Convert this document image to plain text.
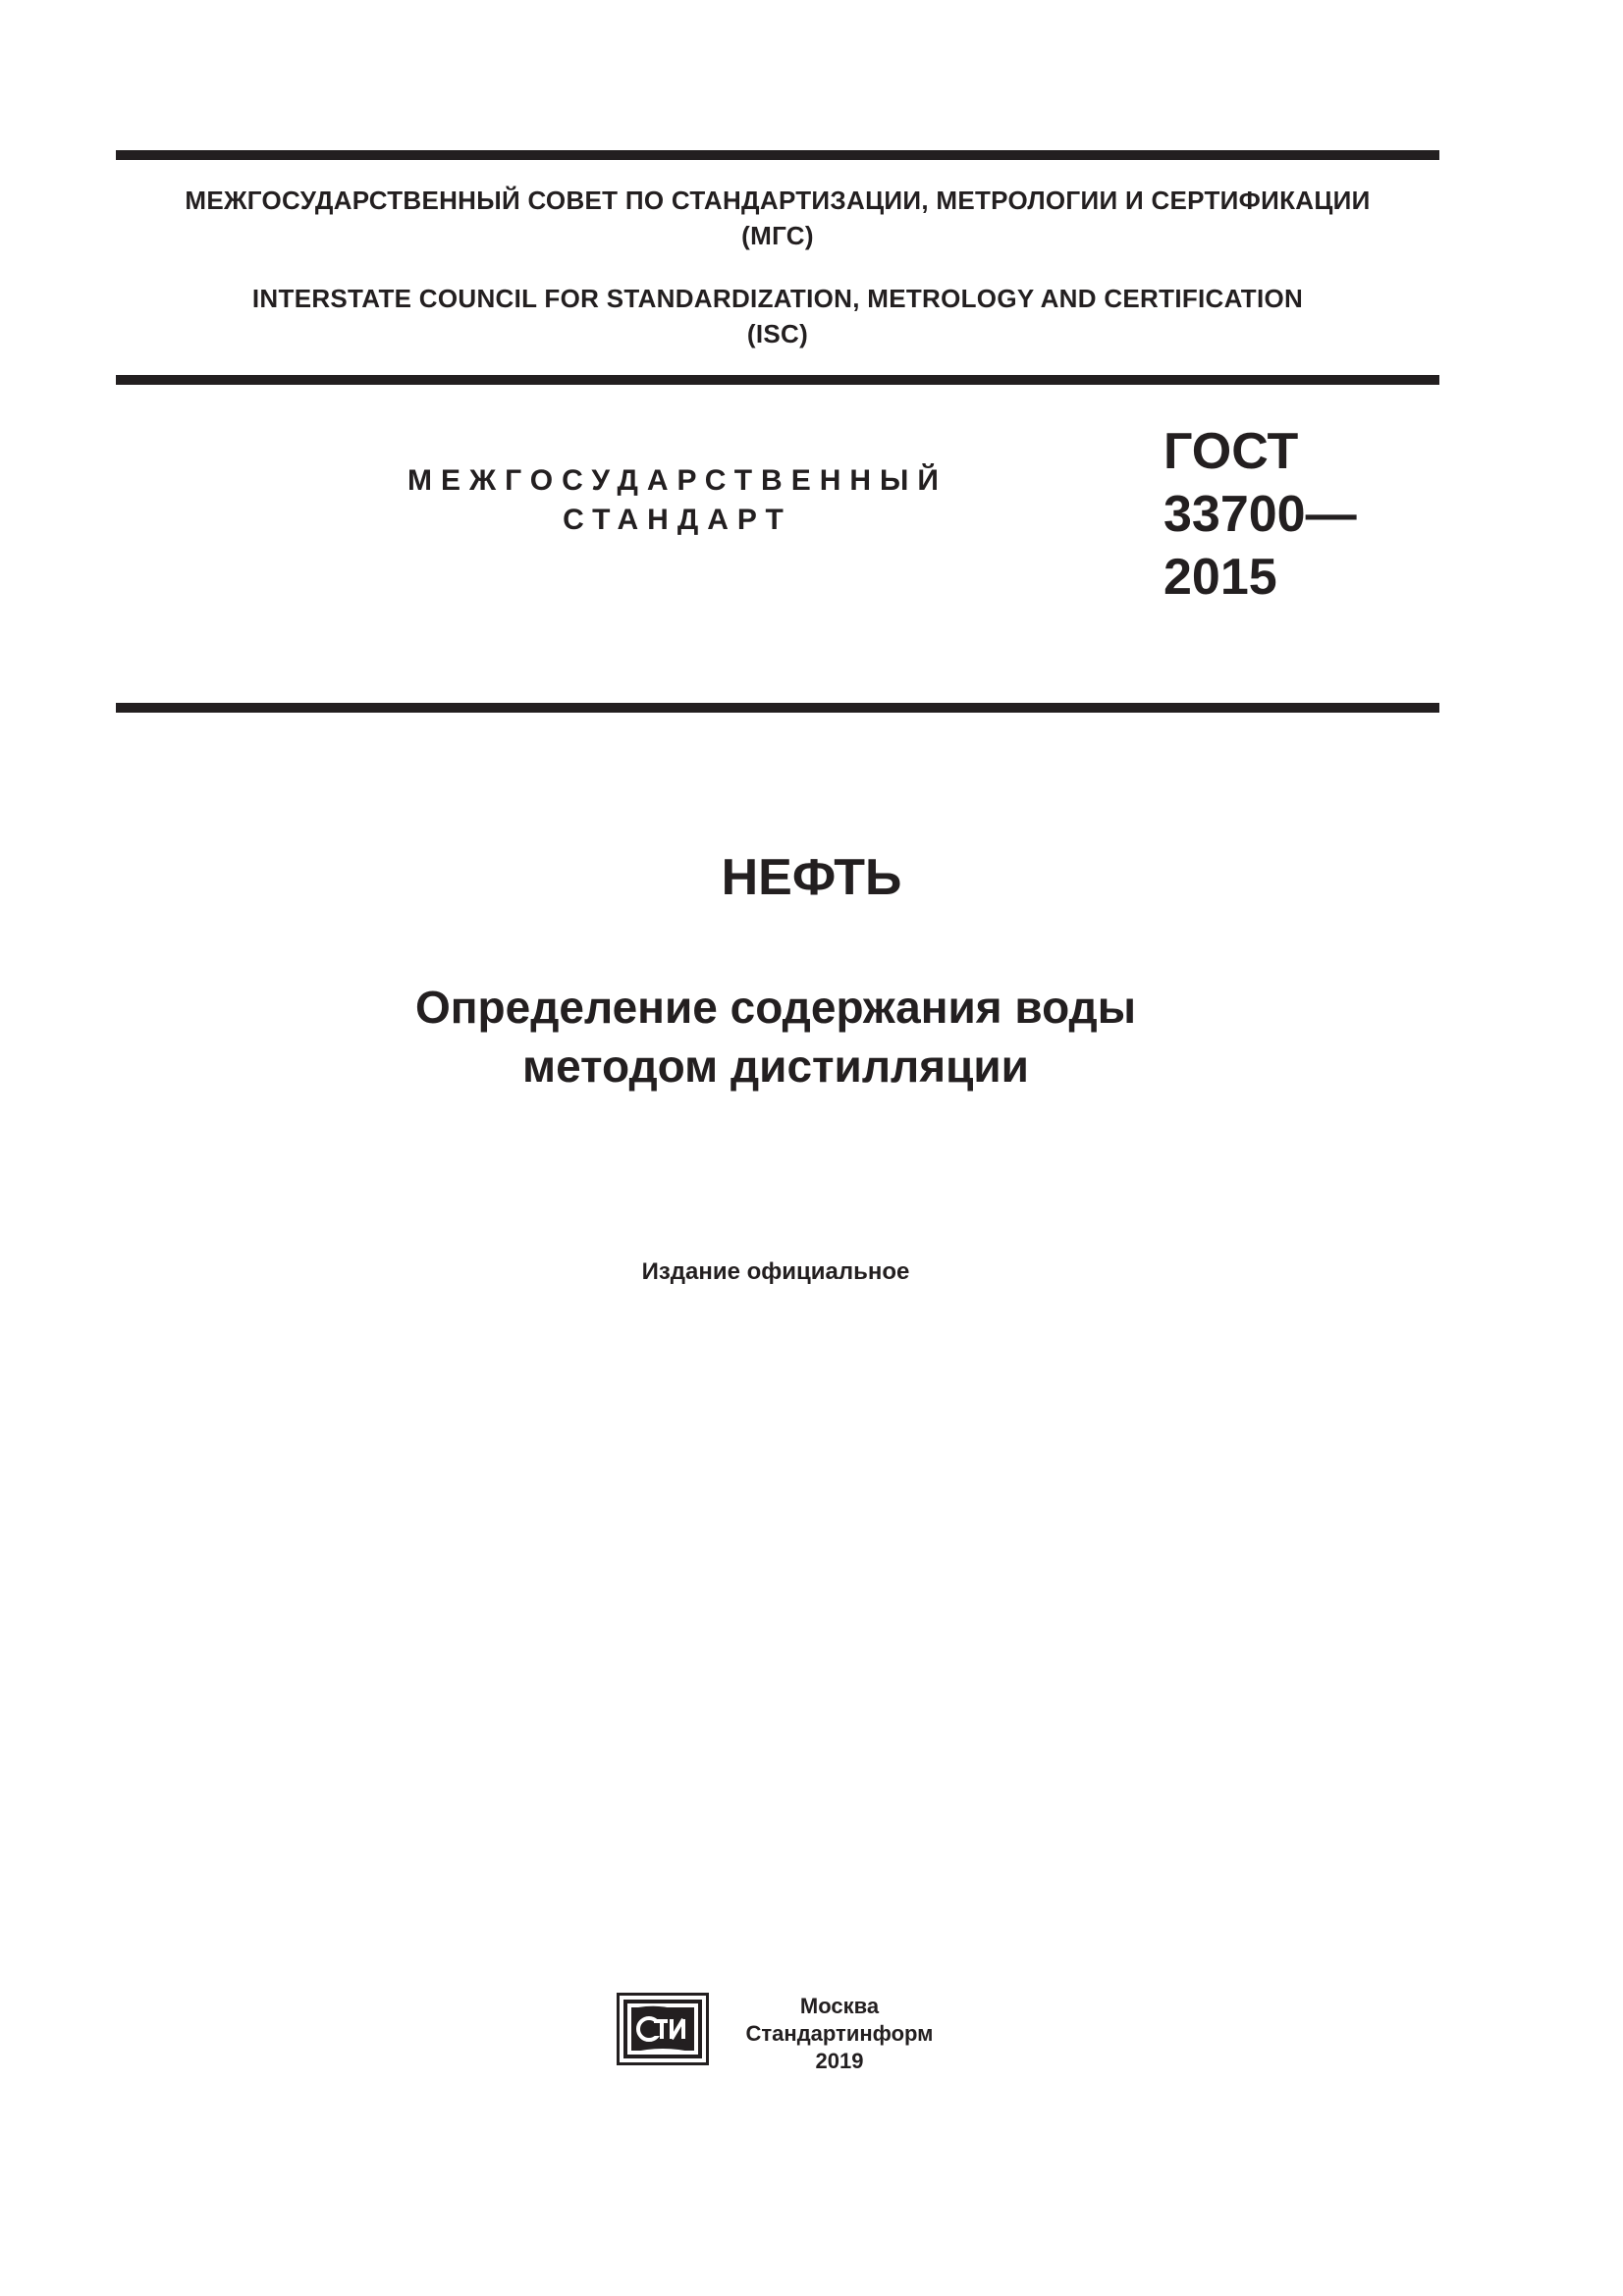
МЕЖГОСУДАРСТВЕННЫЙ СОВЕТ ПО СТАНДАРТИЗАЦИИ, МЕТРОЛОГИИ И СЕРТИФИКАЦИИ
(МГС)
INTERSTATE COUNCIL FOR STANDARDIZATION, METROLOGY AND CERTIFICATION
(ISC)
МЕЖГОСУДАРСТВЕННЫЙ
СТАНДАРТ
ГОСТ
33700—
2015
НЕФТЬ
Определение содержания воды
методом дистилляции
Издание официальное
Москва
Стандартинформ
2019
